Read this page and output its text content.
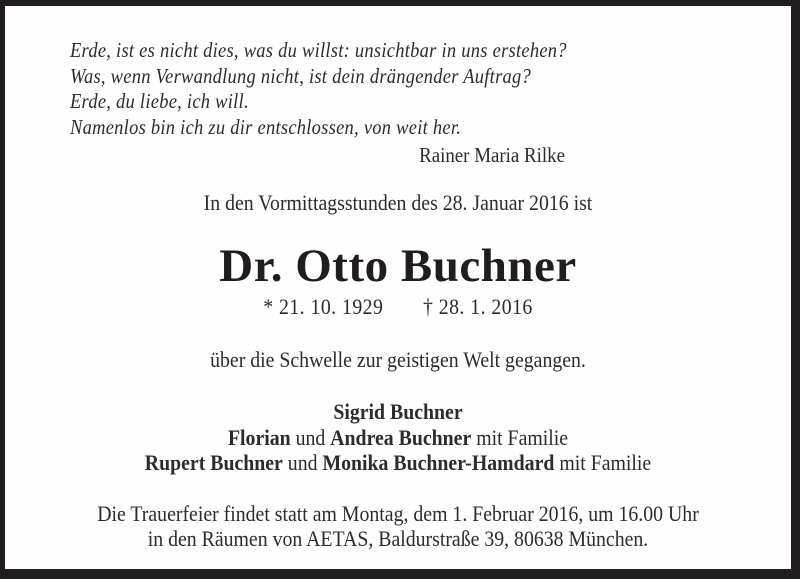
Erde, ist es nicht dies, was du willst: unsichtbar in uns erstehen?
Was, wenn Verwandlung nicht, ist dein drängender Auftrag?
Erde, du liebe, ich will.
Namenlos bin ich zu dir entschlossen, von weit her.
Rainer Maria Rilke
In den Vormittagsstunden des 28. Januar 2016 ist
Dr. Otto Buchner
* 21. 10. 1929 † 28. 1. 2016
über die Schwelle zur geistigen Welt gegangen.
Sigrid Buchner
Florian und Andrea Buchner mit Familie
Rupert Buchner und Monika Buchner-Hamdard mit Familie
Die Trauerfeier findet statt am Montag, dem 1. Februar 2016, um 16.00 Uhr
in den Räumen von AETAS, Baldurstraße 39, 80638 München.
